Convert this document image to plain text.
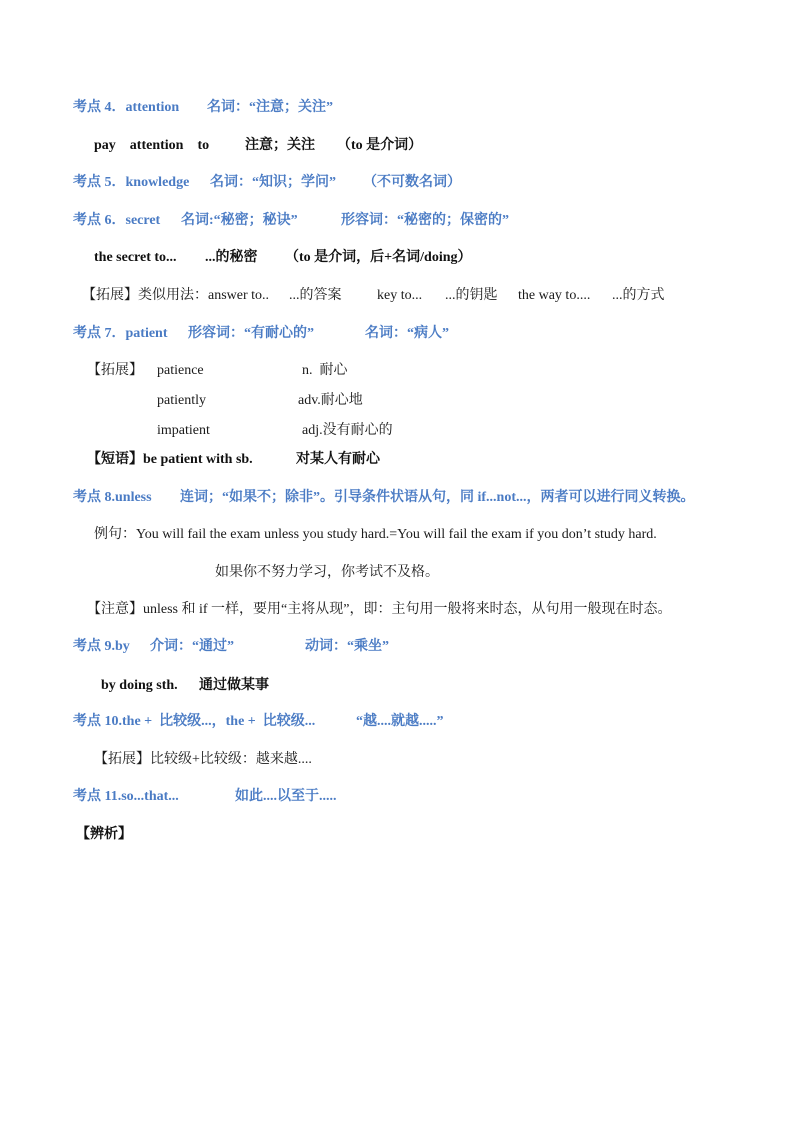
考点 4．attention 名词：“注意；关注”
pay    attention    to	注意；关注 （to 是介词）
考点 5．knowledge 名词：“知识；学问” （不可数名词）
考点 6．secret 名词:“秘密；秘诀”	形容词：“秘密的；保密的”
the secret to... ...的秘密 （to 是介词，后+名词/doing）
【拓展】类似用法：answer to.. ...的答案	key to... ...的钥匙 the way to.... ...的方式
考点 7．patient 形容词：“有耐心的”	名词：“病人”
【拓展】 patience	n.  耐心
patiently	adv.耐心地
impatient	adj.没有耐心的
【短语】be patient with sb.	对某人有耐心
考点 8.unless 连词；“如果不；除非”。引导条件状语从句，同 if...not...，两者可以进行同义转换。
例句：You will fail the exam unless you study hard.=You will fail the exam if you don’t study hard.
如果你不努力学习，你考试不及格。
【注意】unless 和 if 一样，要用“主将从现”，即：主句用一般将来时态，从句用一般现在时态。
考点 9.by 介词：“通过”	动词：“乘坐”
by doing sth. 通过做某事
考点 10.the +  比较级...，the +  比较级...	“越....就越.....”
【拓展】比较级+比较级：越来越....
考点 11.so...that...	如此....以至于.....
【辨析】
